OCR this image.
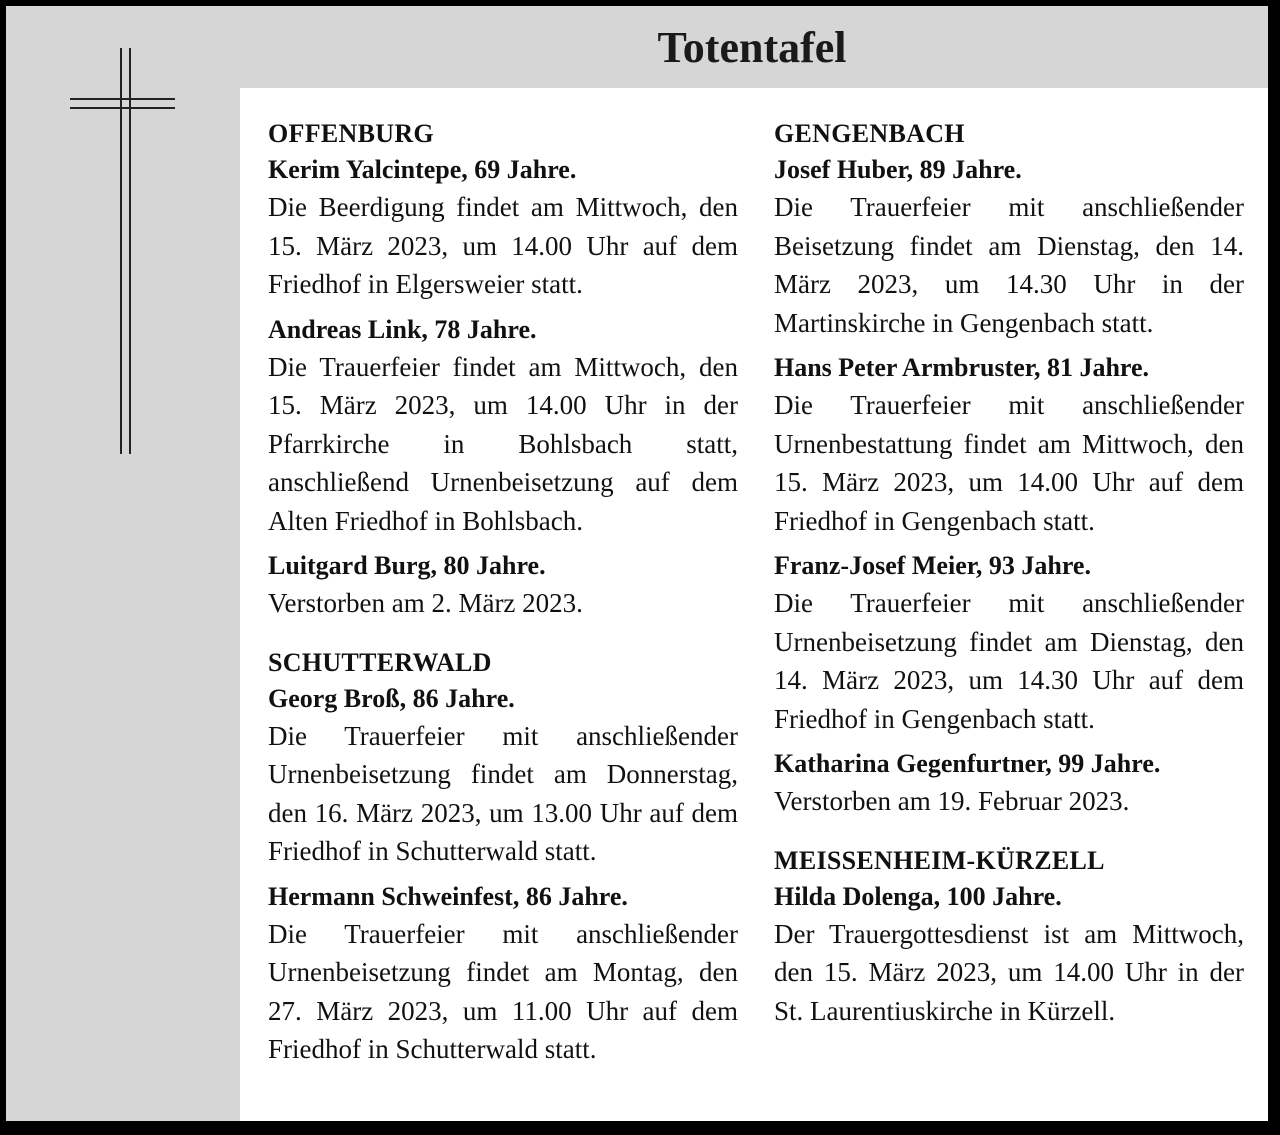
Totentafel
OFFENBURG
Kerim Yalcintepe, 69 Jahre.
Die Beerdigung findet am Mittwoch, den 15. März 2023, um 14.00 Uhr auf dem Friedhof in Elgersweier statt.
Andreas Link, 78 Jahre.
Die Trauerfeier findet am Mittwoch, den 15. März 2023, um 14.00 Uhr in der Pfarrkirche in Bohlsbach statt, anschließend Urnenbeisetzung auf dem Alten Friedhof in Bohlsbach.
Luitgard Burg, 80 Jahre.
Verstorben am 2. März 2023.
SCHUTTERWALD
Georg Broß, 86 Jahre.
Die Trauerfeier mit anschließender Urnenbeisetzung findet am Donnerstag, den 16. März 2023, um 13.00 Uhr auf dem Friedhof in Schutterwald statt.
Hermann Schweinfest, 86 Jahre.
Die Trauerfeier mit anschließender Urnenbeisetzung findet am Montag, den 27. März 2023, um 11.00 Uhr auf dem Friedhof in Schutterwald statt.
GENGENBACH
Josef Huber, 89 Jahre.
Die Trauerfeier mit anschließender Beisetzung findet am Dienstag, den 14. März 2023, um 14.30 Uhr in der Martinskirche in Gengenbach statt.
Hans Peter Armbruster, 81 Jahre.
Die Trauerfeier mit anschließender Urnenbestattung findet am Mittwoch, den 15. März 2023, um 14.00 Uhr auf dem Friedhof in Gengenbach statt.
Franz-Josef Meier, 93 Jahre.
Die Trauerfeier mit anschließender Urnenbeisetzung findet am Dienstag, den 14. März 2023, um 14.30 Uhr auf dem Friedhof in Gengenbach statt.
Katharina Gegenfurtner, 99 Jahre.
Verstorben am 19. Februar 2023.
MEISSENHEIM-KÜRZELL
Hilda Dolenga, 100 Jahre.
Der Trauergottesdienst ist am Mittwoch, den 15. März 2023, um 14.00 Uhr in der St. Laurentiuskirche in Kürzell.
